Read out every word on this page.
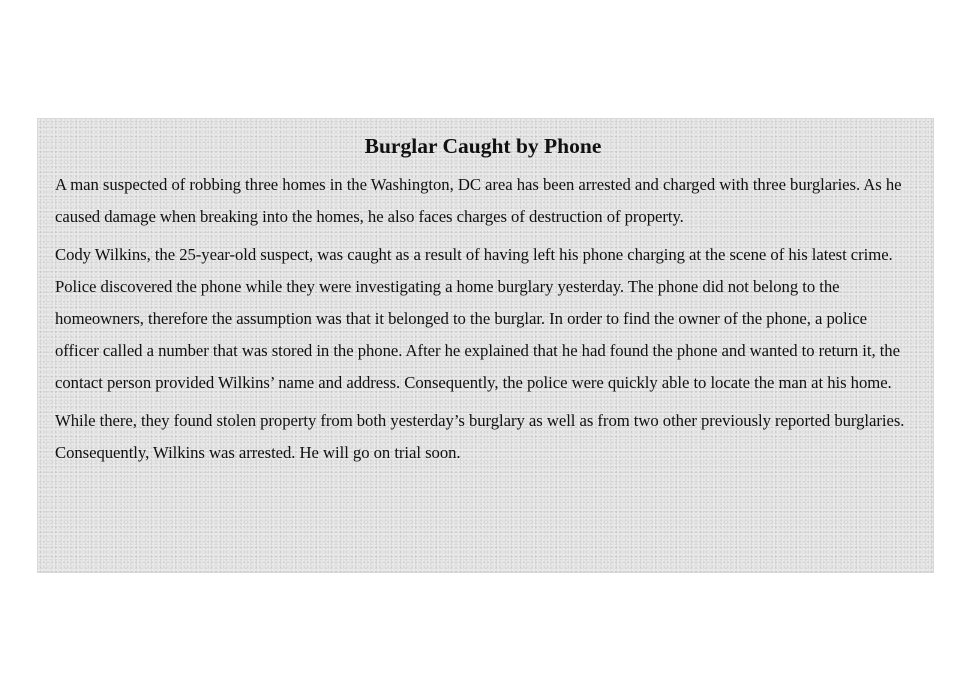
Burglar Caught by Phone

A man suspected of robbing three homes in the Washington, DC area has been arrested and charged with three burglaries. As he caused damage when breaking into the homes, he also faces charges of destruction of property.

Cody Wilkins, the 25-year-old suspect, was caught as a result of having left his phone charging at the scene of his latest crime. Police discovered the phone while they were investigating a home burglary yesterday. The phone did not belong to the homeowners, therefore the assumption was that it belonged to the burglar. In order to find the owner of the phone, a police officer called a number that was stored in the phone. After he explained that he had found the phone and wanted to return it, the contact person provided Wilkins’ name and address. Consequently, the police were quickly able to locate the man at his home.

While there, they found stolen property from both yesterday’s burglary as well as from two other previously reported burglaries. Consequently, Wilkins was arrested. He will go on trial soon.
